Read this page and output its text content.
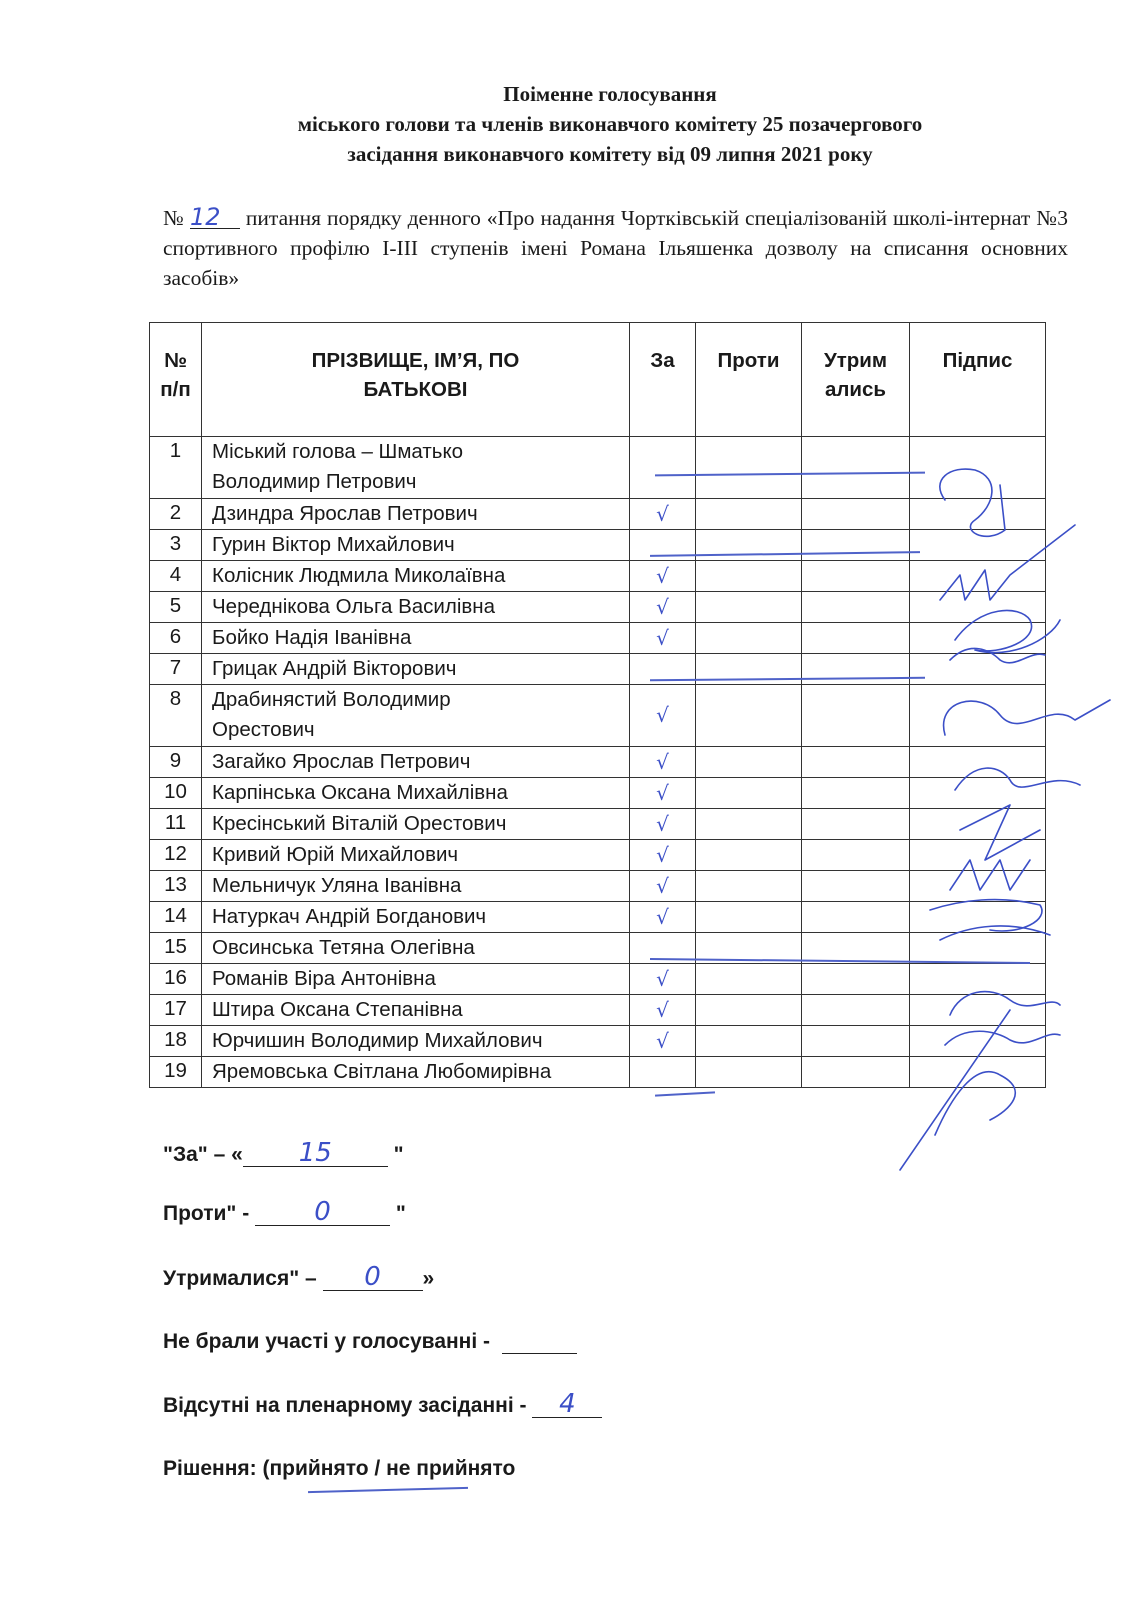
Поіменне голосування
міського голови та членів виконавчого комітету 25 позачергового
засідання виконавчого комітету від 09 липня 2021 року
№ 12 питання порядку денного «Про надання Чортківській спеціалізованій школі-інтернат №3 спортивного профілю І-ІІІ ступенів імені Романа Ільяшенка дозволу на списання основних засобів»
№ п/п	ПРІЗВИЩЕ, ІМ’Я, ПО БАТЬКОВІ	За	Проти	Утрим ались	Підпис
1	Міський голова – Шматько Володимир Петрович				
2	Дзиндра Ярослав Петрович	√			
3	Гурин Віктор Михайлович				
4	Колісник Людмила Миколаївна	√			
5	Череднікова Ольга Василівна	√			
6	Бойко Надія Іванівна	√			
7	Грицак Андрій Вікторович				
8	Драбинястий Володимир Орестович	√			
9	Загайко Ярослав Петрович	√			
10	Карпінська Оксана Михайлівна	√			
11	Кресінський Віталій Орестович	√			
12	Кривий Юрій Михайлович	√			
13	Мельничук Уляна Іванівна	√			
14	Натуркач Андрій Богданович	√			
15	Овсинська Тетяна Олегівна				
16	Романів Віра Антонівна	√			
17	Штира Оксана Степанівна	√			
18	Юрчишин Володимир Михайлович	√			
19	Яремовська Світлана Любомирівна				
"За" – « 15	"
Проти" - 0	"
Утрималися" – 0 »
Не брали участі у голосуванні -
Відсутні на пленарному засіданні - 4
Рішення: (прийнято / не прийнято
